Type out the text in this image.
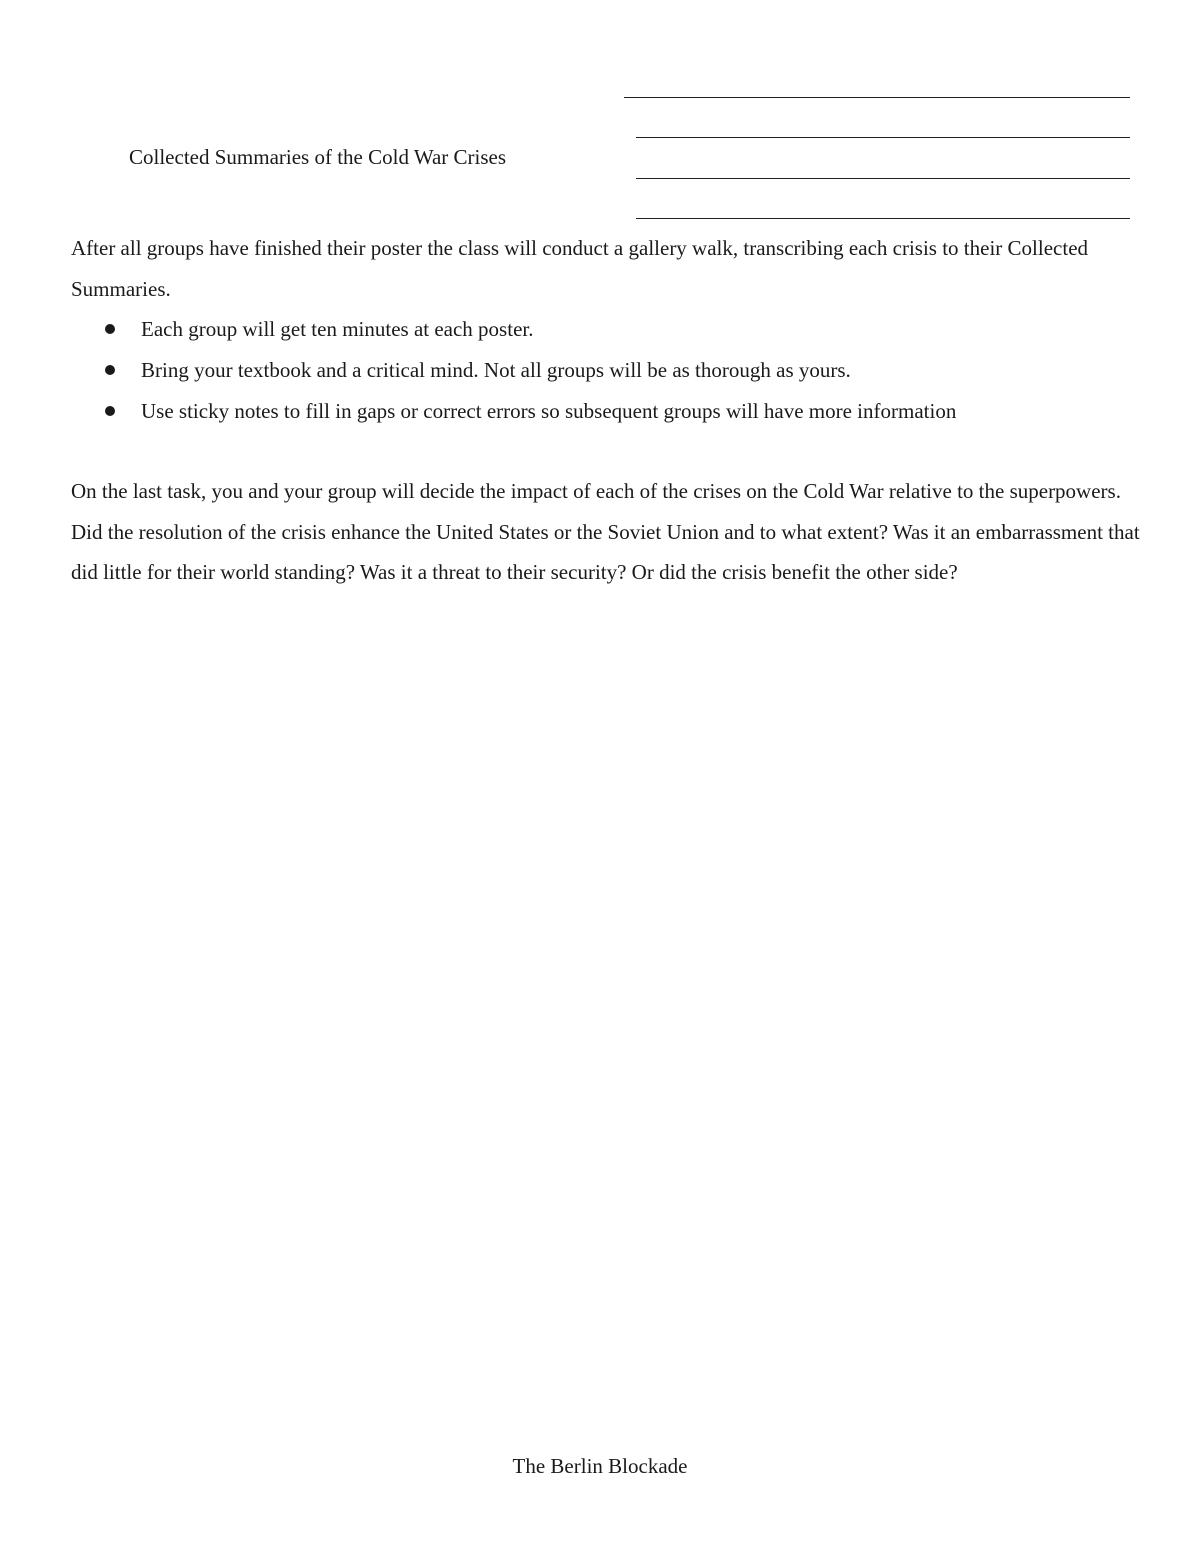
Collected Summaries of the Cold War Crises

After all groups have finished their poster the class will conduct a gallery walk, transcribing each crisis to their Collected Summaries.

Each group will get ten minutes at each poster.
Bring your textbook and a critical mind. Not all groups will be as thorough as yours.
Use sticky notes to fill in gaps or correct errors so subsequent groups will have more information

On the last task, you and your group will decide the impact of each of the crises on the Cold War relative to the superpowers. Did the resolution of the crisis enhance the United States or the Soviet Union and to what extent? Was it an embarrassment that did little for their world standing? Was it a threat to their security? Or did the crisis benefit the other side?

The Berlin Blockade
